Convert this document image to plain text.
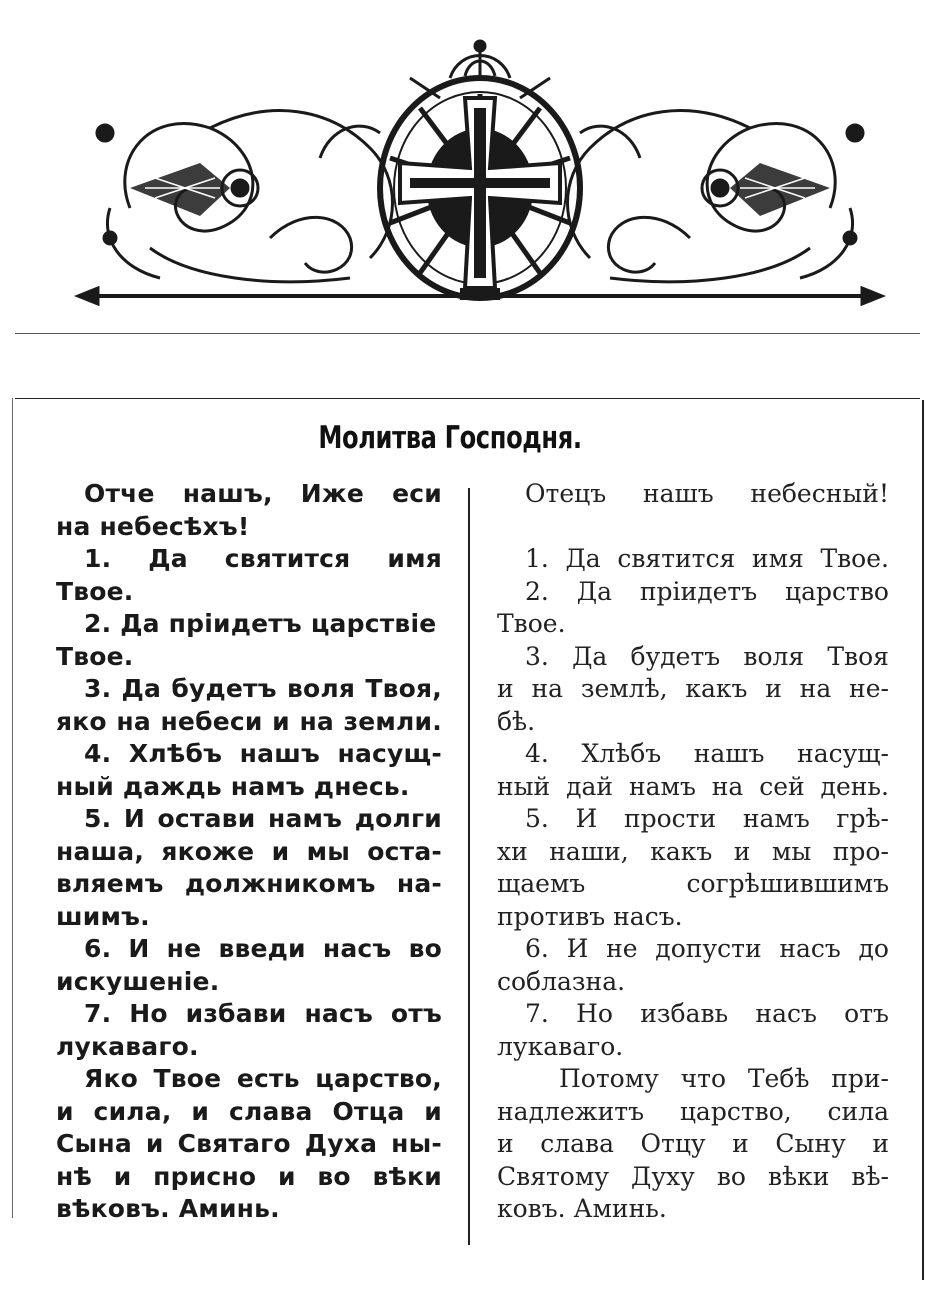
Молитва Господня.
Отче нашъ, Иже еси
на небесѣхъ!
1. Да святится имя
Твое.
2. Да пріидетъ царствіе
Твое.
3. Да будетъ воля Твоя,
яко на небеси и на земли.
4. Хлѣбъ нашъ насущ-
ный даждь намъ днесь.
5. И остави намъ долги
наша, якоже и мы оста-
вляемъ должникомъ на-
шимъ.
6. И не введи насъ во
искушеніе.
7. Но избави насъ отъ
лукаваго.
Яко Твое есть царство,
и сила, и слава Отца и
Сына и Святаго Духа ны-
нѣ и присно и во вѣки
вѣковъ. Аминь.
Отецъ нашъ небесный!
1. Да святится имя Твое.
2. Да пріидетъ царство
Твое.
3. Да будетъ воля Твоя
и на землѣ, какъ и на не-
бѣ.
4. Хлѣбъ нашъ насущ-
ный дай намъ на сей день.
5. И прости намъ грѣ-
хи наши, какъ и мы про-
щаемъ	согрѣшившимъ
противъ насъ.
6. И не допусти насъ до
соблазна.
7. Но избавь насъ отъ
лукаваго.
Потому что Тебѣ при-
надлежитъ царство, сила
и слава Отцу и Сыну и
Святому Духу во вѣки вѣ-
ковъ. Аминь.
